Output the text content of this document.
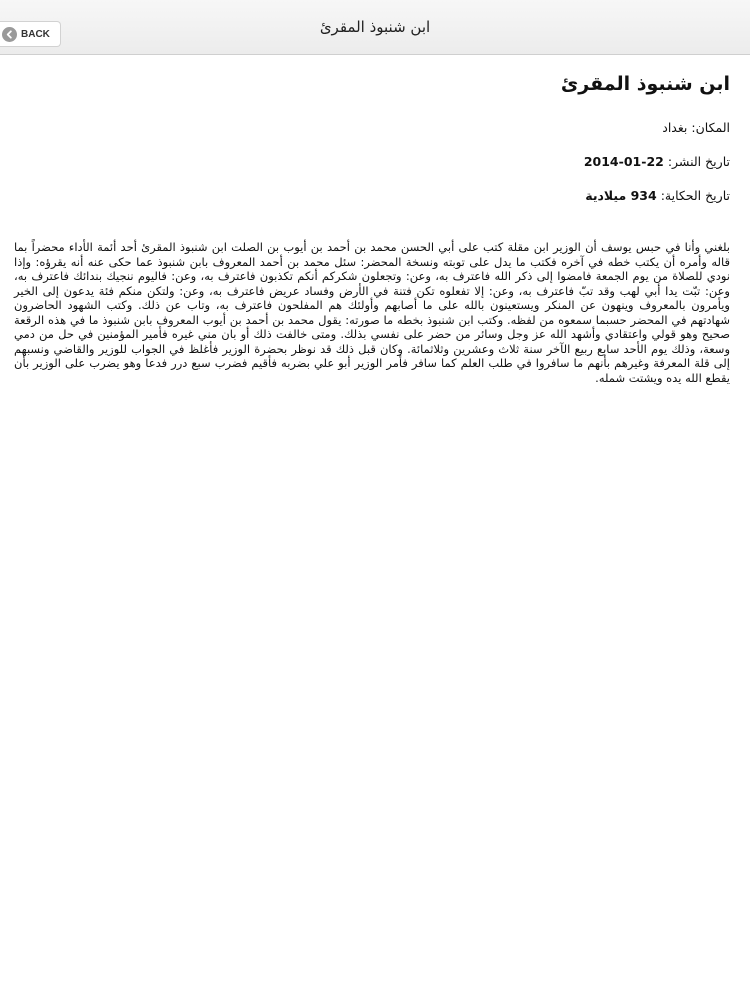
BACK	ابن شنبوذ المقرئ
ابن شنبوذ المقرئ
المكان: بغداد
تاريخ النشر: 22-01-2014
تاريخ الحكاية: 934 ميلادية
بلغني وأنا في حبس يوسف أن الوزير ابن مقلة كتب على أبي الحسن محمد بن أحمد بن أيوب بن الصلت ابن شنبوذ المقرئ أحد أئمة الأداء محضراً بما قاله وأمره أن يكتب خطه في آخره فكتب ما يدل على توبته ونسخة المحضر: سئل محمد بن أحمد المعروف بابن شنبوذ عما حكى عنه أنه يقرؤه: وإذا نودي للصلاة من يوم الجمعة فامضوا إلى ذكر الله فاعترف به، وعن: وتجعلون شكركم أنكم تكذبون فاعترف به، وعن: فاليوم ننجيك بندائك فاعترف به، وعن: تبّت يدا أبي لهب وقد تبّ فاعترف به، وعن: إلا تفعلوه تكن فتنة في الأرض وفساد عريض فاعترف به، وعن: ولتكن منكم فئة يدعون إلى الخير ويأمرون بالمعروف وينهون عن المنكر ويستعينون بالله على ما أصابهم وأولئك هم المفلحون فاعترف به، وتاب عن ذلك. وكتب الشهود الحاضرون شهادتهم في المحضر حسبما سمعوه من لفظه. وكتب ابن شنبوذ بخطه ما صورته: يقول محمد بن أحمد بن أيوب المعروف بابن شنبوذ ما في هذه الرقعة صحيح وهو قولي واعتقادي وأشهد الله عز وجل وسائر من حضر على نفسي بذلك. ومتى خالفت ذلك أو بان مني غيره فأمير المؤمنين في حل من دمي وسعة، وذلك يوم الأحد سابع ربيع الآخر سنة ثلاث وعشرين وثلاثمائة. وكان قبل ذلك قد نوظر بحضرة الوزير فأغلظ في الجواب للوزير والقاضي ونسبهم إلى قلة المعرفة وغيرهم بأنهم ما سافروا في طلب العلم كما سافر فأمر الوزير أبو علي بضربه فأقيم فضرب سبع درر فدعا وهو يضرب على الوزير بأن يقطع الله يده ويشتت شمله.
